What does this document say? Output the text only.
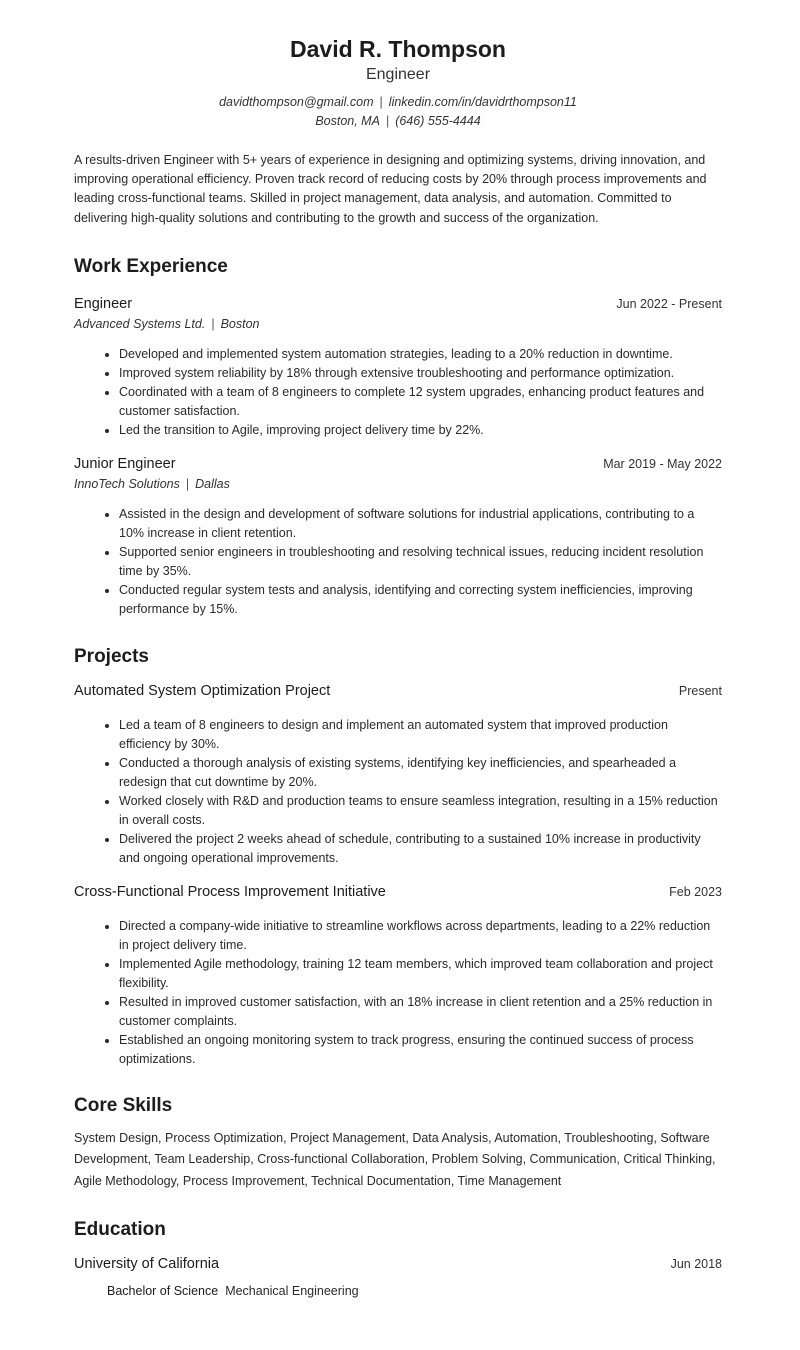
David R. Thompson
Engineer
davidthompson@gmail.com | linkedin.com/in/davidrthompson11
Boston, MA | (646) 555-4444

A results-driven Engineer with 5+ years of experience in designing and optimizing systems, driving innovation, and improving operational efficiency. Proven track record of reducing costs by 20% through process improvements and leading cross-functional teams. Skilled in project management, data analysis, and automation. Committed to delivering high-quality solutions and contributing to the growth and success of the organization.

Work Experience
Engineer	Jun 2022 - Present
Advanced Systems Ltd. | Boston
• Developed and implemented system automation strategies, leading to a 20% reduction in downtime.
• Improved system reliability by 18% through extensive troubleshooting and performance optimization.
• Coordinated with a team of 8 engineers to complete 12 system upgrades, enhancing product features and customer satisfaction.
• Led the transition to Agile, improving project delivery time by 22%.
Junior Engineer	Mar 2019 - May 2022
InnoTech Solutions | Dallas
• Assisted in the design and development of software solutions for industrial applications, contributing to a 10% increase in client retention.
• Supported senior engineers in troubleshooting and resolving technical issues, reducing incident resolution time by 35%.
• Conducted regular system tests and analysis, identifying and correcting system inefficiencies, improving performance by 15%.
Projects
Automated System Optimization Project	Present
• Led a team of 8 engineers to design and implement an automated system that improved production efficiency by 30%.
• Conducted a thorough analysis of existing systems, identifying key inefficiencies, and spearheaded a redesign that cut downtime by 20%.
• Worked closely with R&D and production teams to ensure seamless integration, resulting in a 15% reduction in overall costs.
• Delivered the project 2 weeks ahead of schedule, contributing to a sustained 10% increase in productivity and ongoing operational improvements.
Cross-Functional Process Improvement Initiative	Feb 2023
• Directed a company-wide initiative to streamline workflows across departments, leading to a 22% reduction in project delivery time.
• Implemented Agile methodology, training 12 team members, which improved team collaboration and project flexibility.
• Resulted in improved customer satisfaction, with an 18% increase in client retention and a 25% reduction in customer complaints.
• Established an ongoing monitoring system to track progress, ensuring the continued success of process optimizations.
Core Skills

System Design, Process Optimization, Project Management, Data Analysis, Automation, Troubleshooting, Software Development, Team Leadership, Cross-functional Collaboration, Problem Solving, Communication, Critical Thinking, Agile Methodology, Process Improvement, Technical Documentation, Time Management

Education
University of California	Jun 2018
Bachelor of Science Mechanical Engineering
